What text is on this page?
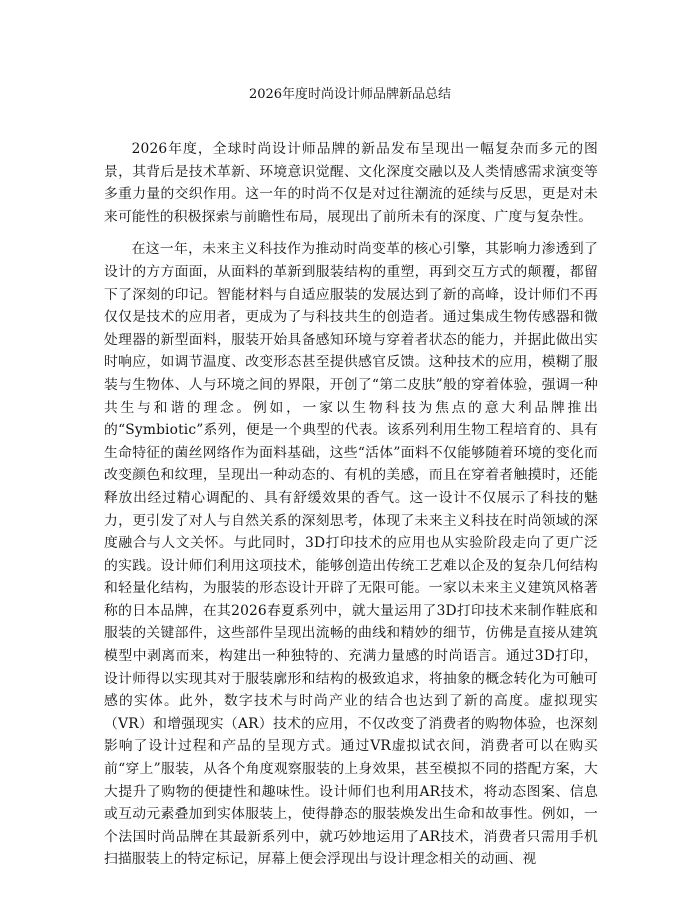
2026年度时尚设计师品牌新品总结

2026年度，全球时尚设计师品牌的新品发布呈现出一幅复杂而多元的图景，其背后是技术革新、环境意识觉醒、文化深度交融以及人类情感需求演变等多重力量的交织作用。这一年的时尚不仅是对过往潮流的延续与反思，更是对未来可能性的积极探索与前瞻性布局，展现出了前所未有的深度、广度与复杂性。

在这一年，未来主义科技作为推动时尚变革的核心引擎，其影响力渗透到了设计的方方面面，从面料的革新到服装结构的重塑，再到交互方式的颠覆，都留下了深刻的印记。智能材料与自适应服装的发展达到了新的高峰，设计师们不再仅仅是技术的应用者，更成为了与科技共生的创造者。通过集成生物传感器和微处理器的新型面料，服装开始具备感知环境与穿着者状态的能力，并据此做出实时响应，如调节温度、改变形态甚至提供感官反馈。这种技术的应用，模糊了服装与生物体、人与环境之间的界限，开创了“第二皮肤”般的穿着体验，强调一种共生与和谐的理念。例如，一家以生物科技为焦点的意大利品牌推出的“Symbiotic”系列，便是一个典型的代表。该系列利用生物工程培育的、具有生命特征的菌丝网络作为面料基础，这些“活体”面料不仅能够随着环境的变化而改变颜色和纹理，呈现出一种动态的、有机的美感，而且在穿着者触摸时，还能释放出经过精心调配的、具有舒缓效果的香气。这一设计不仅展示了科技的魅力，更引发了对人与自然关系的深刻思考，体现了未来主义科技在时尚领域的深度融合与人文关怀。与此同时，3D打印技术的应用也从实验阶段走向了更广泛的实践。设计师们利用这项技术，能够创造出传统工艺难以企及的复杂几何结构和轻量化结构，为服装的形态设计开辟了无限可能。一家以未来主义建筑风格著称的日本品牌，在其2026春夏系列中，就大量运用了3D打印技术来制作鞋底和服装的关键部件，这些部件呈现出流畅的曲线和精妙的细节，仿佛是直接从建筑模型中剥离而来，构建出一种独特的、充满力量感的时尚语言。通过3D打印，设计师得以实现其对于服装廓形和结构的极致追求，将抽象的概念转化为可触可感的实体。此外，数字技术与时尚产业的结合也达到了新的高度。虚拟现实（VR）和增强现实（AR）技术的应用，不仅改变了消费者的购物体验，也深刻影响了设计过程和产品的呈现方式。通过VR虚拟试衣间，消费者可以在购买前“穿上”服装，从各个角度观察服装的上身效果，甚至模拟不同的搭配方案，大大提升了购物的便捷性和趣味性。设计师们也利用AR技术，将动态图案、信息或互动元素叠加到实体服装上，使得静态的服装焕发出生命和故事性。例如，一个法国时尚品牌在其最新系列中，就巧妙地运用了AR技术，消费者只需用手机扫描服装上的特定标记，屏幕上便会浮现出与设计理念相关的动画、视
